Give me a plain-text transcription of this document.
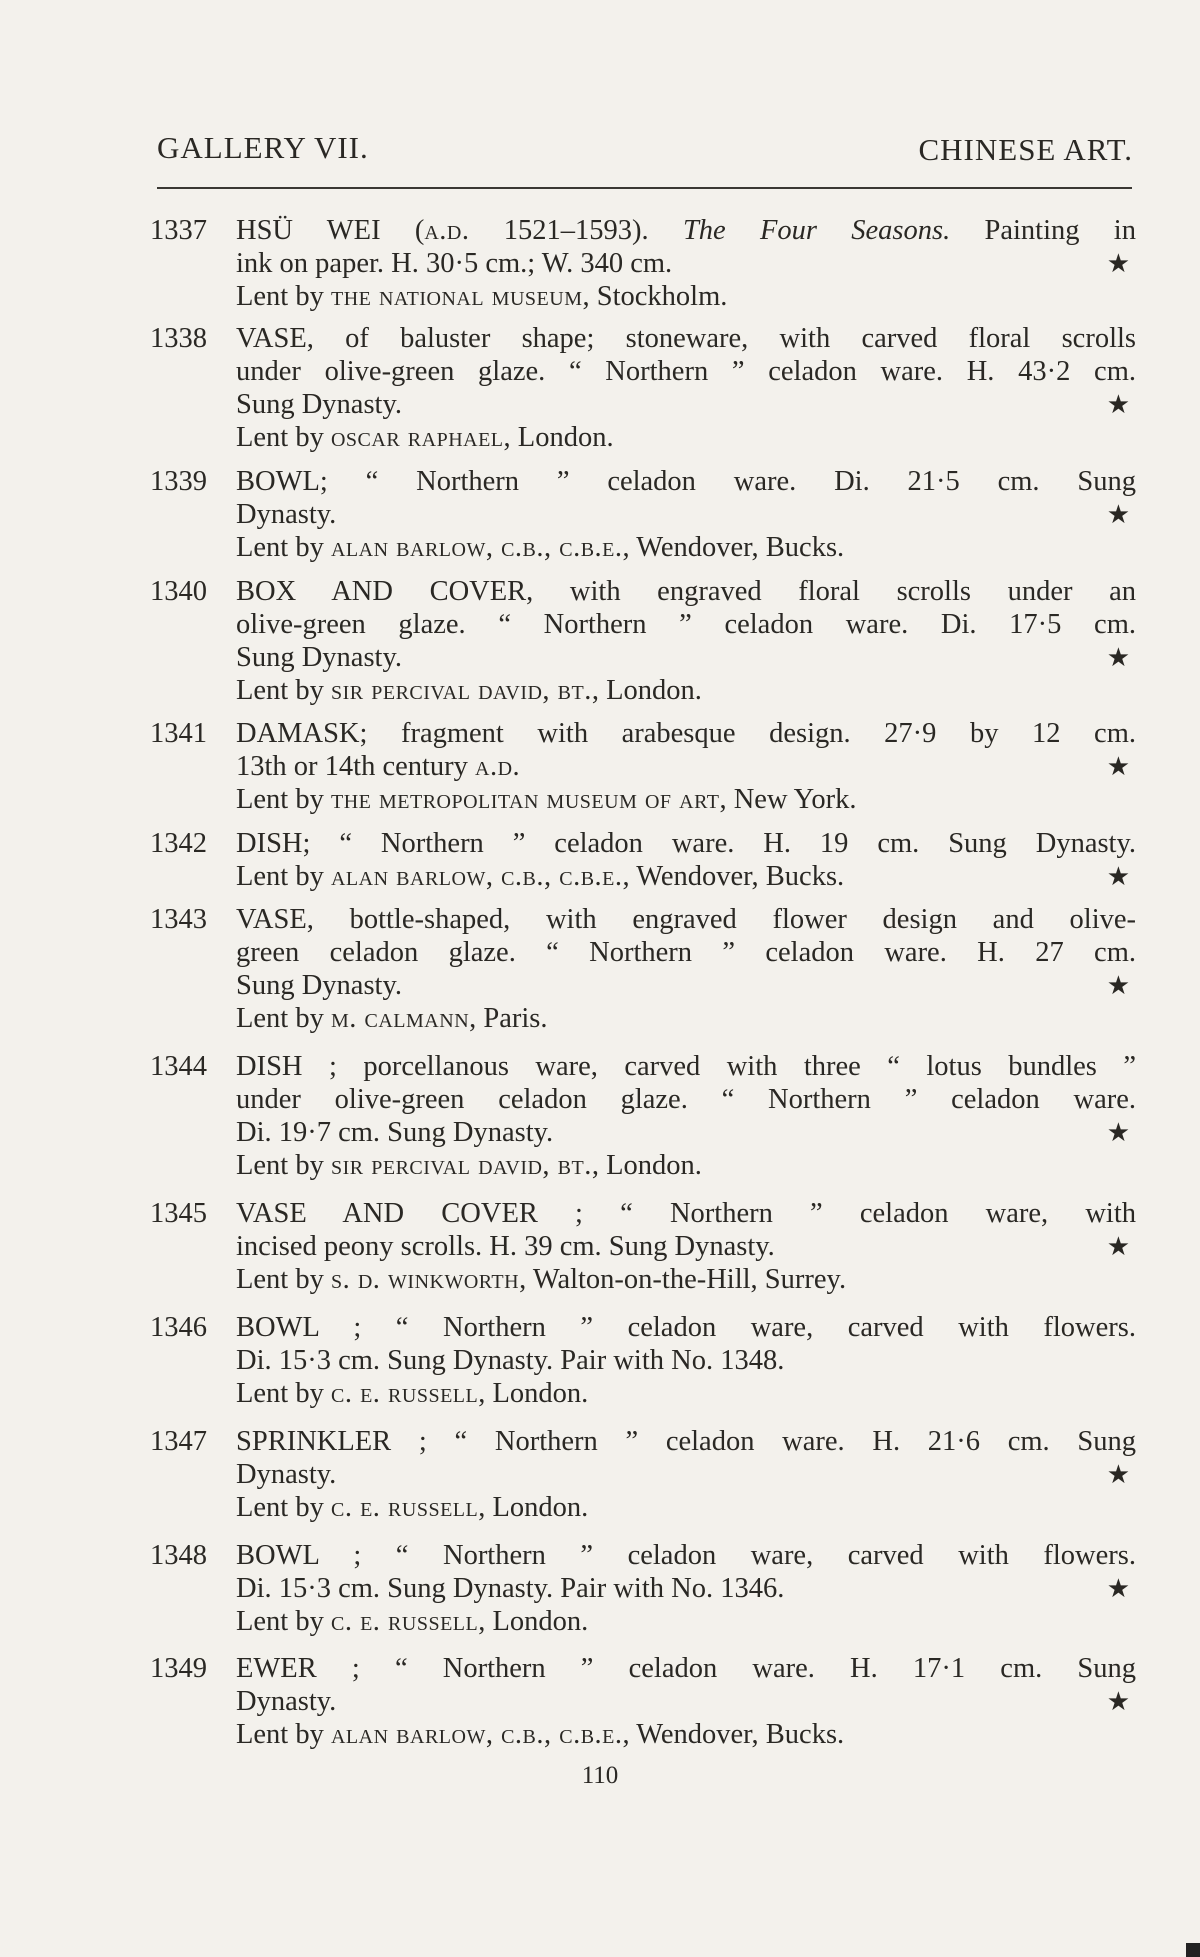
GALLERY VII.	CHINESE ART.
1337	HSÜ WEI (a.d. 1521–1593). The Four Seasons. Painting in
ink on paper. H. 30·5 cm.; W. 340 cm.	★
Lent by the national museum, Stockholm.
1338	VASE, of baluster shape; stoneware, with carved floral scrolls
under olive-green glaze. “ Northern ” celadon ware. H. 43·2 cm.
Sung Dynasty.	★
Lent by oscar raphael, London.
1339	BOWL; “ Northern ” celadon ware. Di. 21·5 cm. Sung
Dynasty.	★
Lent by alan barlow, c.b., c.b.e., Wendover, Bucks.
1340	BOX AND COVER, with engraved floral scrolls under an
olive-green glaze. “ Northern ” celadon ware. Di. 17·5 cm.
Sung Dynasty.	★
Lent by sir percival david, bt., London.
1341	DAMASK; fragment with arabesque design. 27·9 by 12 cm.
13th or 14th century a.d.	★
Lent by the metropolitan museum of art, New York.
1342	DISH; “ Northern ” celadon ware. H. 19 cm. Sung Dynasty.
Lent by alan barlow, c.b., c.b.e., Wendover, Bucks.	★
1343	VASE, bottle-shaped, with engraved flower design and olive-
green celadon glaze. “ Northern ” celadon ware. H. 27 cm.
Sung Dynasty.	★
Lent by m. calmann, Paris.
1344	DISH ; porcellanous ware, carved with three “ lotus bundles ”
under olive-green celadon glaze. “ Northern ” celadon ware.
Di. 19·7 cm. Sung Dynasty.	★
Lent by sir percival david, bt., London.
1345	VASE AND COVER ; “ Northern ” celadon ware, with
incised peony scrolls. H. 39 cm. Sung Dynasty.	★
Lent by s. d. winkworth, Walton-on-the-Hill, Surrey.
1346	BOWL ; “ Northern ” celadon ware, carved with flowers.
Di. 15·3 cm. Sung Dynasty. Pair with No. 1348.
Lent by c. e. russell, London.
1347	SPRINKLER ; “ Northern ” celadon ware. H. 21·6 cm. Sung
Dynasty.	★
Lent by c. e. russell, London.
1348	BOWL ; “ Northern ” celadon ware, carved with flowers.
Di. 15·3 cm. Sung Dynasty. Pair with No. 1346.	★
Lent by c. e. russell, London.
1349	EWER ; “ Northern ” celadon ware. H. 17·1 cm. Sung
Dynasty.	★
Lent by alan barlow, c.b., c.b.e., Wendover, Bucks.
110
